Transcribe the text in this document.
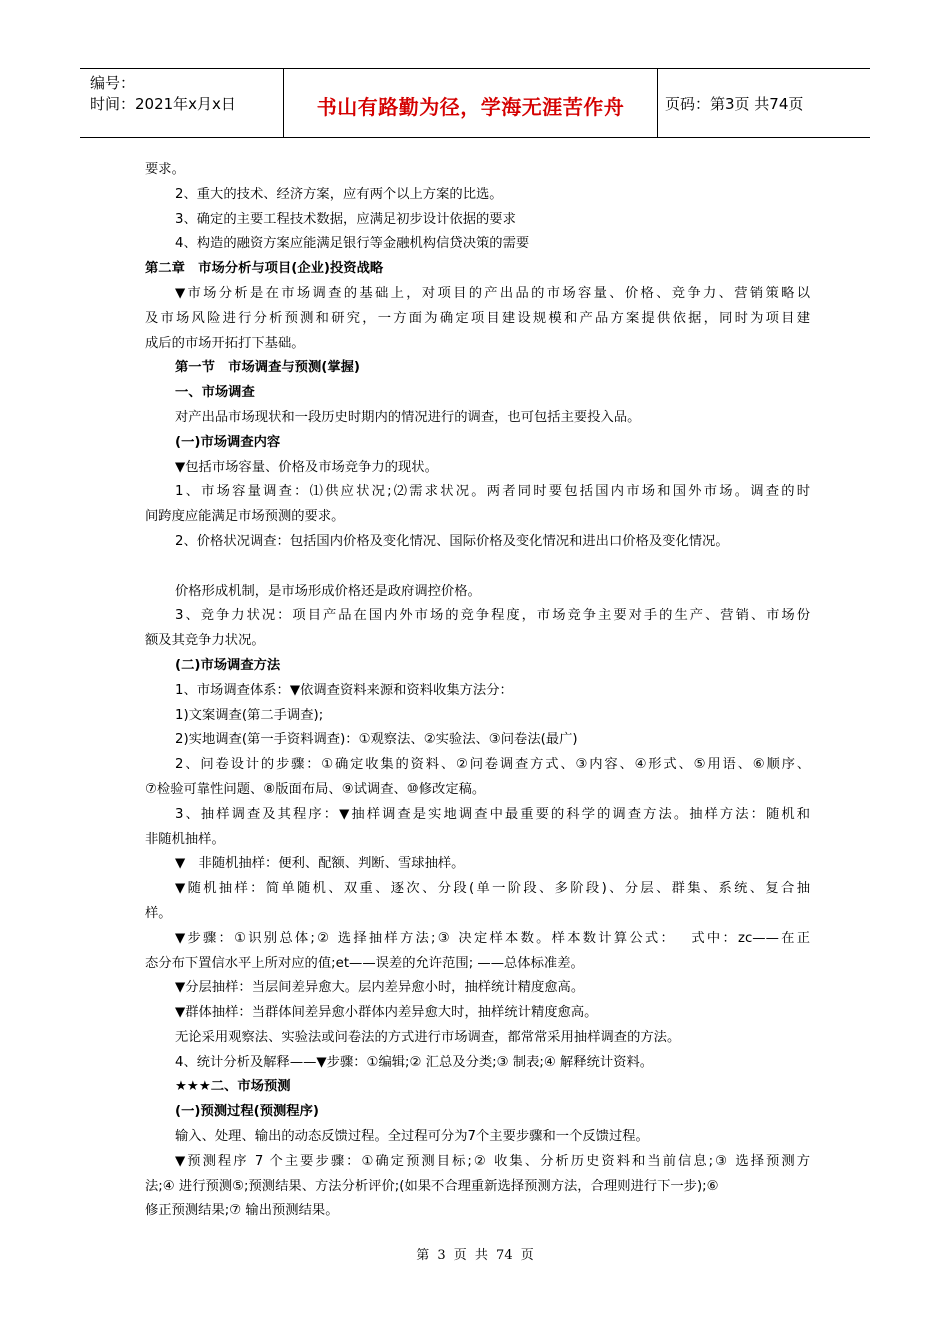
编号：
时间：2021年x月x日	书山有路勤为径，学海无涯苦作舟	页码：第3页 共74页

要求。

2、重大的技术、经济方案，应有两个以上方案的比选。

3、确定的主要工程技术数据，应满足初步设计依据的要求

4、构造的融资方案应能满足银行等金融机构信贷决策的需要

第二章　市场分析与项目(企业)投资战略

▼市场分析是在市场调查的基础上，对项目的产出品的市场容量、价格、竞争力、营销策略以

及市场风险进行分析预测和研究，一方面为确定项目建设规模和产品方案提供依据，同时为项目建

成后的市场开拓打下基础。

第一节　市场调查与预测(掌握)

一、市场调查

对产出品市场现状和一段历史时期内的情况进行的调查，也可包括主要投入品。

(一)市场调查内容

▼包括市场容量、价格及市场竞争力的现状。

1、市场容量调查：⑴供应状况;⑵需求状况。两者同时要包括国内市场和国外市场。调查的时

间跨度应能满足市场预测的要求。

2、价格状况调查：包括国内价格及变化情况、国际价格及变化情况和进出口价格及变化情况。

价格形成机制，是市场形成价格还是政府调控价格。

3、竞争力状况：项目产品在国内外市场的竞争程度，市场竞争主要对手的生产、营销、市场份

额及其竞争力状况。

(二)市场调查方法

1、市场调查体系：▼依调查资料来源和资料收集方法分：

1)文案调查(第二手调查);

2)实地调查(第一手资料调查)：①观察法、②实验法、③问卷法(最广)

2、问卷设计的步骤：①确定收集的资料、②问卷调查方式、③内容、④形式、⑤用语、⑥顺序、

⑦检验可靠性问题、⑧版面布局、⑨试调查、⑩修改定稿。

3、抽样调查及其程序：▼抽样调查是实地调查中最重要的科学的调查方法。抽样方法：随机和

非随机抽样。

▼　非随机抽样：便利、配额、判断、雪球抽样。

▼随机抽样：简单随机、双重、逐次、分段(单一阶段、多阶段)、分层、群集、系统、复合抽

样。

▼步骤：①识别总体;② 选择抽样方法;③ 决定样本数。样本数计算公式：　 式中：zc——在正

态分布下置信水平上所对应的值;et——误差的允许范围; ——总体标准差。

▼分层抽样：当层间差异愈大。层内差异愈小时，抽样统计精度愈高。

▼群体抽样：当群体间差异愈小群体内差异愈大时，抽样统计精度愈高。

无论采用观察法、实验法或问卷法的方式进行市场调查，都常常采用抽样调查的方法。

4、统计分析及解释——▼步骤：①编辑;② 汇总及分类;③ 制表;④ 解释统计资料。

★★★二、市场预测

(一)预测过程(预测程序)

输入、处理、输出的动态反馈过程。全过程可分为7个主要步骤和一个反馈过程。

▼预测程序 7 个主要步骤：①确定预测目标;② 收集、分析历史资料和当前信息;③ 选择预测方

法;④ 进行预测⑤;预测结果、方法分析评价;(如果不合理重新选择预测方法，合理则进行下一步);⑥

修正预测结果;⑦ 输出预测结果。

第 3 页 共 74 页
